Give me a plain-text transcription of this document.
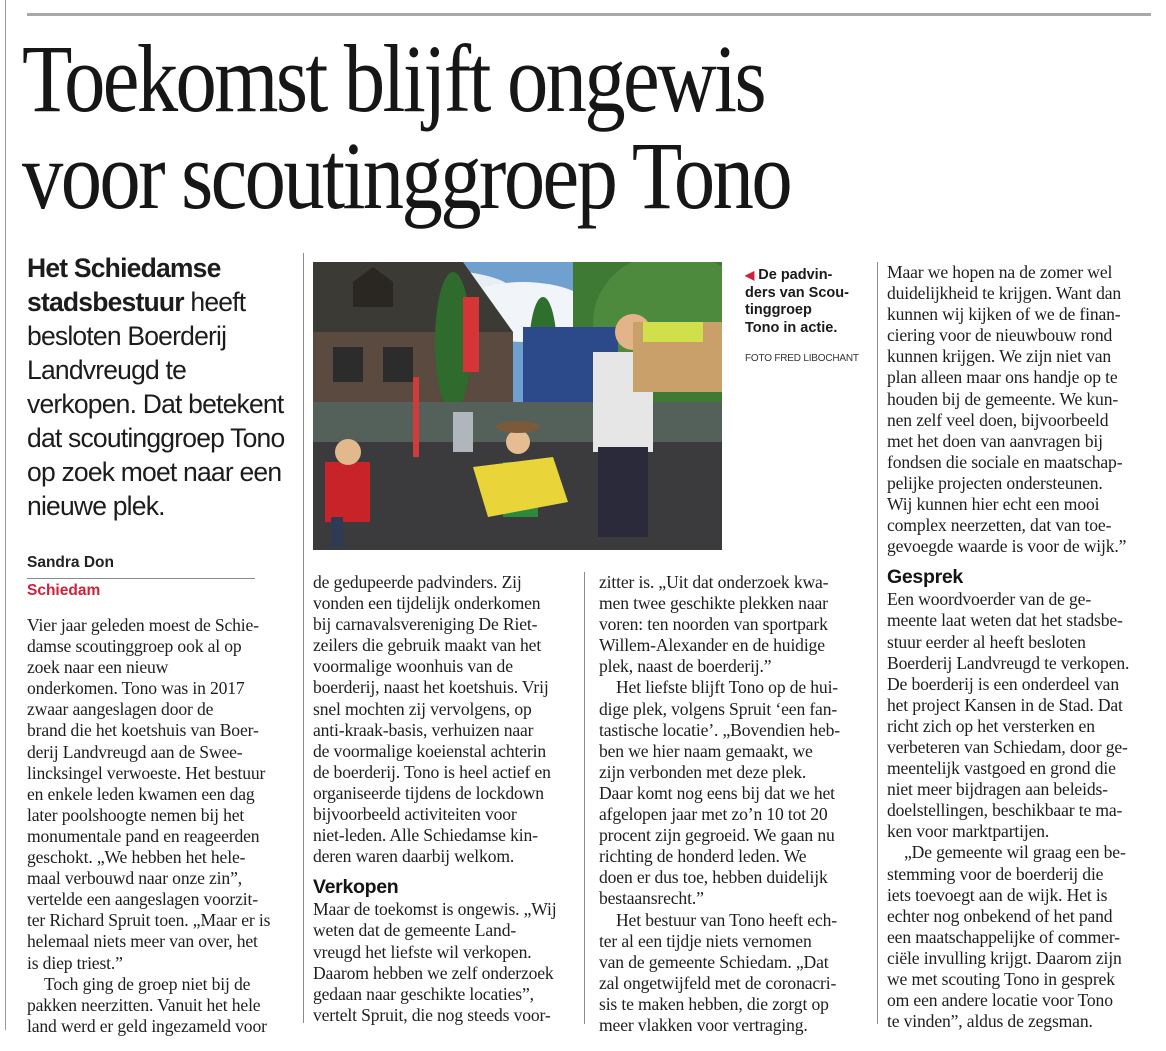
Toekomst blijft ongewis
voor scoutinggroep Tono

Het Schiedamse stadsbestuur heeft besloten Boerderij Landvreugd te verkopen. Dat betekent dat scoutinggroep Tono op zoek moet naar een nieuwe plek.

Sandra Don
Schiedam
◀ De padvin-
ders van Scou-
tinggroep
Tono in actie.
FOTO FRED LIBOCHANT
Vier jaar geleden moest de Schie-
damse scoutinggroep ook al op
zoek naar een nieuw
onderkomen. Tono was in 2017
zwaar aangeslagen door de
brand die het koetshuis van Boer-
derij Landvreugd aan de Swee-
lincksingel verwoeste. Het bestuur
en enkele leden kwamen een dag
later poolshoogte nemen bij het
monumentale pand en reageerden
geschokt. „We hebben het hele-
maal verbouwd naar onze zin”,
vertelde een aangeslagen voorzit-
ter Richard Spruit toen. „Maar er is
helemaal niets meer van over, het
is diep triest.”
Toch ging de groep niet bij de
pakken neerzitten. Vanuit het hele
land werd er geld ingezameld voor
de gedupeerde padvinders. Zij
vonden een tijdelijk onderkomen
bij carnavalsvereniging De Riet-
zeilers die gebruik maakt van het
voormalige woonhuis van de
boerderij, naast het koetshuis. Vrij
snel mochten zij vervolgens, op
anti-kraak-basis, verhuizen naar
de voormalige koeienstal achterin
de boerderij. Tono is heel actief en
organiseerde tijdens de lockdown
bijvoorbeeld activiteiten voor
niet-leden. Alle Schiedamse kin-
deren waren daarbij welkom.
Verkopen
Maar de toekomst is ongewis. „Wij
weten dat de gemeente Land-
vreugd het liefste wil verkopen.
Daarom hebben we zelf onderzoek
gedaan naar geschikte locaties”,
vertelt Spruit, die nog steeds voor-
zitter is. „Uit dat onderzoek kwa-
men twee geschikte plekken naar
voren: ten noorden van sportpark
Willem-Alexander en de huidige
plek, naast de boerderij.”
Het liefste blijft Tono op de hui-
dige plek, volgens Spruit ‘een fan-
tastische locatie’. „Bovendien heb-
ben we hier naam gemaakt, we
zijn verbonden met deze plek.
Daar komt nog eens bij dat we het
afgelopen jaar met zo’n 10 tot 20
procent zijn gegroeid. We gaan nu
richting de honderd leden. We
doen er dus toe, hebben duidelijk
bestaansrecht.”
Het bestuur van Tono heeft ech-
ter al een tijdje niets vernomen
van de gemeente Schiedam. „Dat
zal ongetwijfeld met de coronacri-
sis te maken hebben, die zorgt op
meer vlakken voor vertraging.
Maar we hopen na de zomer wel
duidelijkheid te krijgen. Want dan
kunnen wij kijken of we de finan-
ciering voor de nieuwbouw rond
kunnen krijgen. We zijn niet van
plan alleen maar ons handje op te
houden bij de gemeente. We kun-
nen zelf veel doen, bijvoorbeeld
met het doen van aanvragen bij
fondsen die sociale en maatschap-
pelijke projecten ondersteunen.
Wij kunnen hier echt een mooi
complex neerzetten, dat van toe-
gevoegde waarde is voor de wijk.”
Gesprek
Een woordvoerder van de ge-
meente laat weten dat het stadsbe-
stuur eerder al heeft besloten
Boerderij Landvreugd te verkopen.
De boerderij is een onderdeel van
het project Kansen in de Stad. Dat
richt zich op het versterken en
verbeteren van Schiedam, door ge-
meentelijk vastgoed en grond die
niet meer bijdragen aan beleids-
doelstellingen, beschikbaar te ma-
ken voor marktpartijen.
„De gemeente wil graag een be-
stemming voor de boerderij die
iets toevoegt aan de wijk. Het is
echter nog onbekend of het pand
een maatschappelijke of commer-
ciële invulling krijgt. Daarom zijn
we met scouting Tono in gesprek
om een andere locatie voor Tono
te vinden”, aldus de zegsman.
